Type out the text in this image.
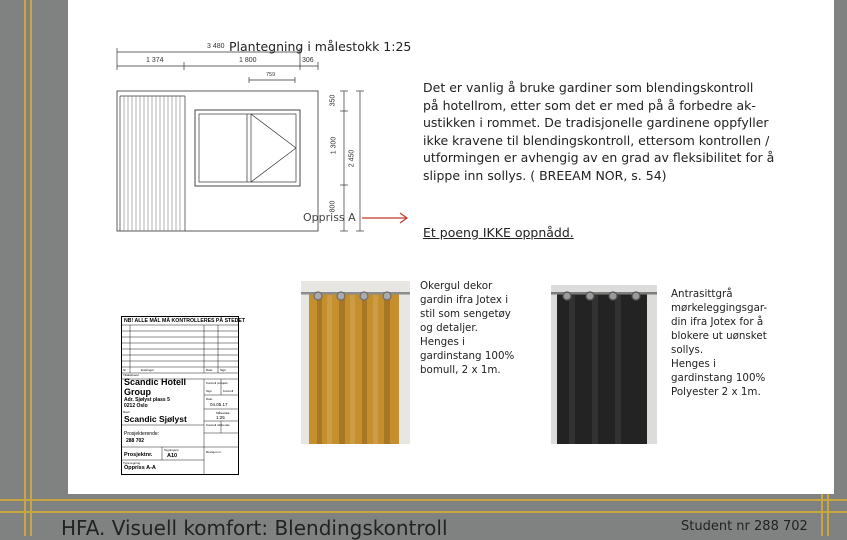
3 480 Plantegning i målestokk 1:25
1 374	1 800	306
759
350
1 300
2 450
800
Oppriss A
Det er vanlig å bruke gardiner som blendingskontroll
på hotellrom, etter som det er med på å forbedre ak-
ustikken i rommet. De tradisjonelle gardinene oppfyller
ikke kravene til blendingskontroll, ettersom kontrollen /
utformingen er avhengig av en grad av fleksibilitet for å
slippe inn sollys. ( BREEAM NOR, s. 54)
Et poeng IKKE oppnådd.
NB! ALLE MÅL MÅ KONTROLLERES PÅ STEDET
Nr	Endringer	Dato	Sign
Tiltakshaver
Scandic Hotell
Group
Adr. Sjølyst plass 5
0212 Oslo
Navn
Scandic Sjølyst
Prosjekterende:
288 702
Kontroll prosjekt.
Sign	Kontroll
Dato
04.05.17
Målestokk
1:25
Kontroll utførende
Revisjon nr.
Prosjektnr.
Tegningsnr.
A10
Type tegning
Oppriss A-A
Okergul dekor
gardin ifra Jotex i
stil som sengetøy
og detaljer.
Henges i
gardinstang 100%
bomull, 2 x 1m.
Antrasittgrå
mørkeleggingsgar-
din ifra Jotex for å
blokere ut uønsket
sollys.
Henges i
gardinstang 100%
Polyester 2 x 1m.
HFA. Visuell komfort: Blendingskontroll	Student nr 288 702
